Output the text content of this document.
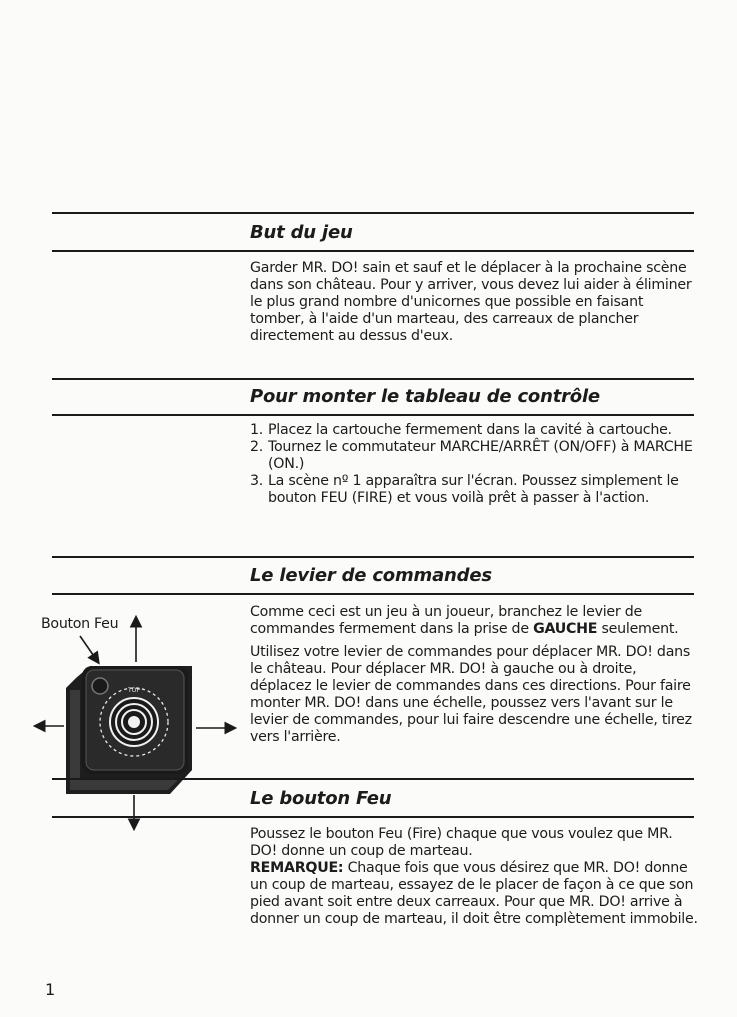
But du jeu

Garder MR. DO! sain et sauf et le déplacer à la prochaine scène dans son château. Pour y arriver, vous devez lui aider à éliminer le plus grand nombre d'unicornes que possible en faisant tomber, à l'aide d'un marteau, des carreaux de plancher directement au dessus d'eux.

Pour monter le tableau de contrôle
1. Placez la cartouche fermement dans la cavité à cartouche.
2. Tournez le commutateur MARCHE/ARRÊT (ON/OFF) à MARCHE (ON.)
3. La scène nº 1 apparaîtra sur l'écran. Poussez simplement le bouton FEU (FIRE) et vous voilà prêt à passer à l'action.
Le levier de commandes

Comme ceci est un jeu à un joueur, branchez le levier de commandes fermement dans la prise de GAUCHE seulement.

Utilisez votre levier de commandes pour déplacer MR. DO! dans le château. Pour déplacer MR. DO! à gauche ou à droite, déplacez le levier de commandes dans ces directions. Pour faire monter MR. DO! dans une échelle, poussez vers l'avant sur le levier de commandes, pour lui faire descendre une échelle, tirez vers l'arrière.

Bouton Feu
TOP
Le bouton Feu

Poussez le bouton Feu (Fire) chaque que vous voulez que MR. DO! donne un coup de marteau.

REMARQUE: Chaque fois que vous désirez que MR. DO! donne un coup de marteau, essayez de le placer de façon à ce que son pied avant soit entre deux carreaux. Pour que MR. DO! arrive à donner un coup de marteau, il doit être complètement immobile.

1
